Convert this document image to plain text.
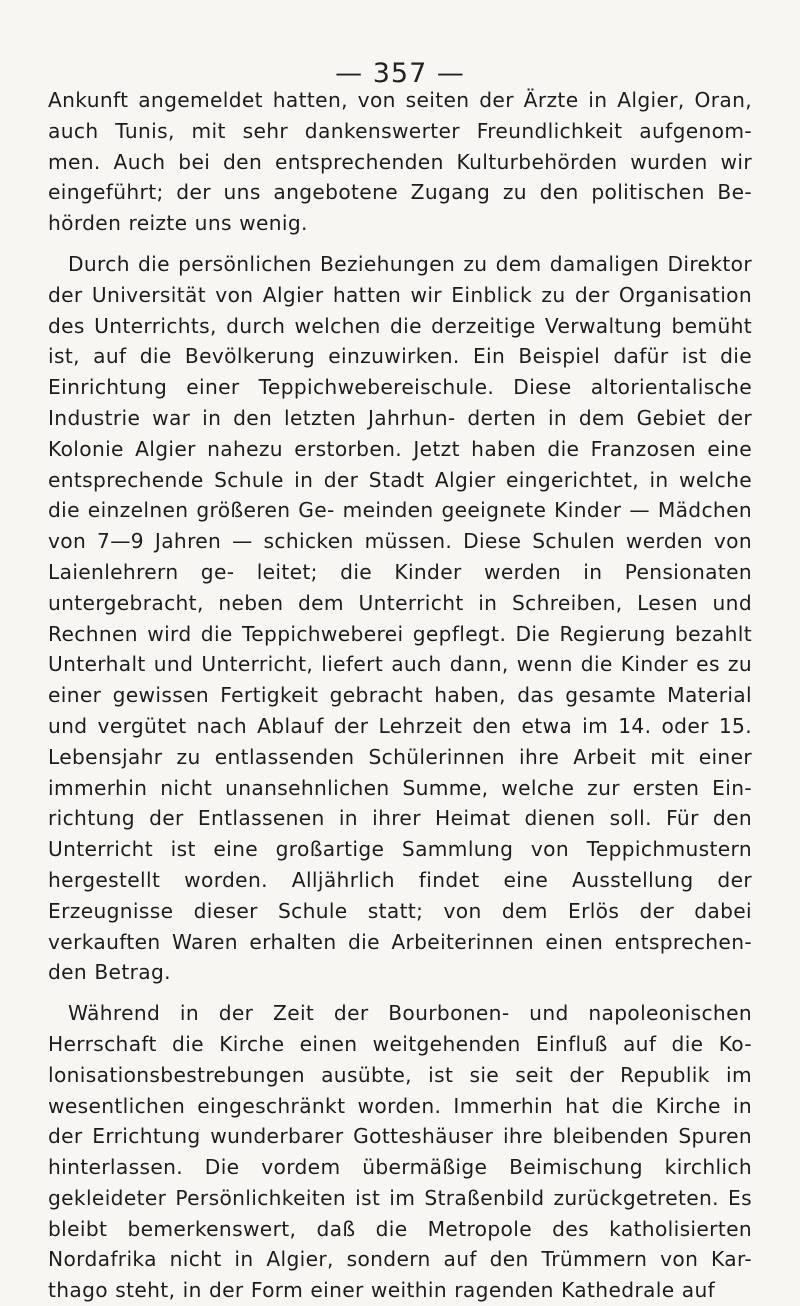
— 357 —

Ankunft angemeldet hatten, von seiten der Ärzte in Algier, Oran, auch Tunis, mit sehr dankenswerter Freundlichkeit aufgenom- men. Auch bei den entsprechenden Kulturbehörden wurden wir eingeführt; der uns angebotene Zugang zu den politischen Be- hörden reizte uns wenig.

Durch die persönlichen Beziehungen zu dem damaligen Direktor der Universität von Algier hatten wir Einblick zu der Organisation des Unterrichts, durch welchen die derzeitige Verwaltung bemüht ist, auf die Bevölkerung einzuwirken. Ein Beispiel dafür ist die Einrichtung einer Teppichwebereischule. Diese altorientalische Industrie war in den letzten Jahrhun- derten in dem Gebiet der Kolonie Algier nahezu erstorben. Jetzt haben die Franzosen eine entsprechende Schule in der Stadt Algier eingerichtet, in welche die einzelnen größeren Ge- meinden geeignete Kinder — Mädchen von 7—9 Jahren — schicken müssen. Diese Schulen werden von Laienlehrern ge- leitet; die Kinder werden in Pensionaten untergebracht, neben dem Unterricht in Schreiben, Lesen und Rechnen wird die Teppichweberei gepflegt. Die Regierung bezahlt Unterhalt und Unterricht, liefert auch dann, wenn die Kinder es zu einer gewissen Fertigkeit gebracht haben, das gesamte Material und vergütet nach Ablauf der Lehrzeit den etwa im 14. oder 15. Lebensjahr zu entlassenden Schülerinnen ihre Arbeit mit einer immerhin nicht unansehnlichen Summe, welche zur ersten Ein- richtung der Entlassenen in ihrer Heimat dienen soll. Für den Unterricht ist eine großartige Sammlung von Teppichmustern hergestellt worden. Alljährlich findet eine Ausstellung der Erzeugnisse dieser Schule statt; von dem Erlös der dabei verkauften Waren erhalten die Arbeiterinnen einen entsprechen- den Betrag.

Während in der Zeit der Bourbonen- und napoleonischen Herrschaft die Kirche einen weitgehenden Einfluß auf die Ko- lonisationsbestrebungen ausübte, ist sie seit der Republik im wesentlichen eingeschränkt worden. Immerhin hat die Kirche in der Errichtung wunderbarer Gotteshäuser ihre bleibenden Spuren hinterlassen. Die vordem übermäßige Beimischung kirchlich gekleideter Persönlichkeiten ist im Straßenbild zurückgetreten. Es bleibt bemerkenswert, daß die Metropole des katholisierten Nordafrika nicht in Algier, sondern auf den Trümmern von Kar- thago steht, in der Form einer weithin ragenden Kathedrale auf
